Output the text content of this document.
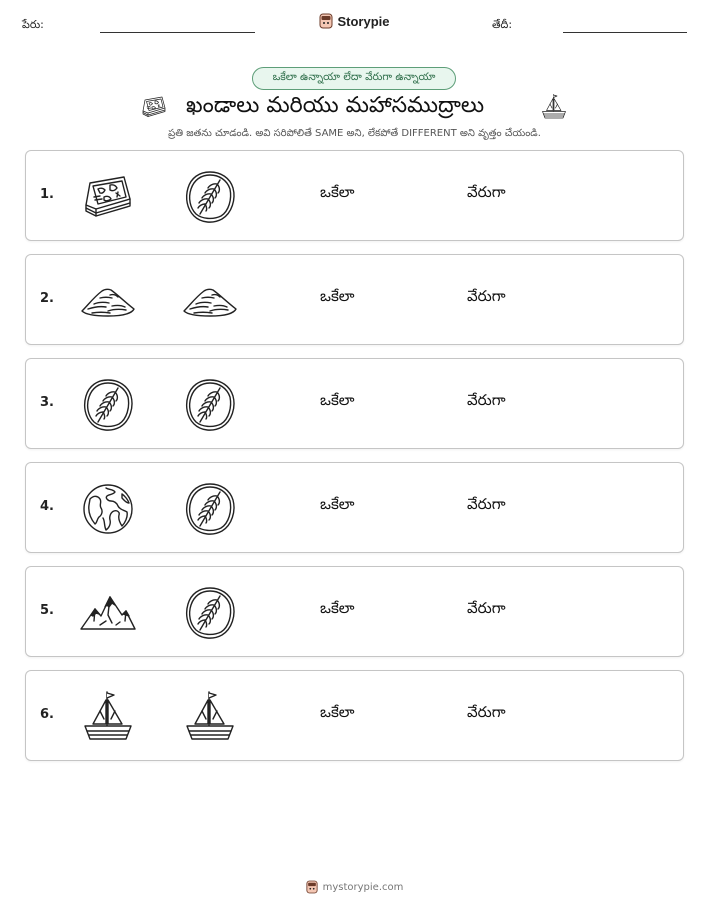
పేరు:	Storypie	తేదీ:
ఒకేలా ఉన్నాయా లేదా వేరుగా ఉన్నాయా
ఖండాలు మరియు మహాసముద్రాలు
ప్రతి జతను చూడండి. అవి సరిపోలితే SAME అని, లేకపోతే DIFFERENT అని వృత్తం చేయండి.
1.	ఒకేలా	వేరుగా
2.	ఒకేలా	వేరుగా
3.	ఒకేలా	వేరుగా
4.	ఒకేలా	వేరుగా
5.	ఒకేలా	వేరుగా
6.	ఒకేలా	వేరుగా
mystorypie.com
